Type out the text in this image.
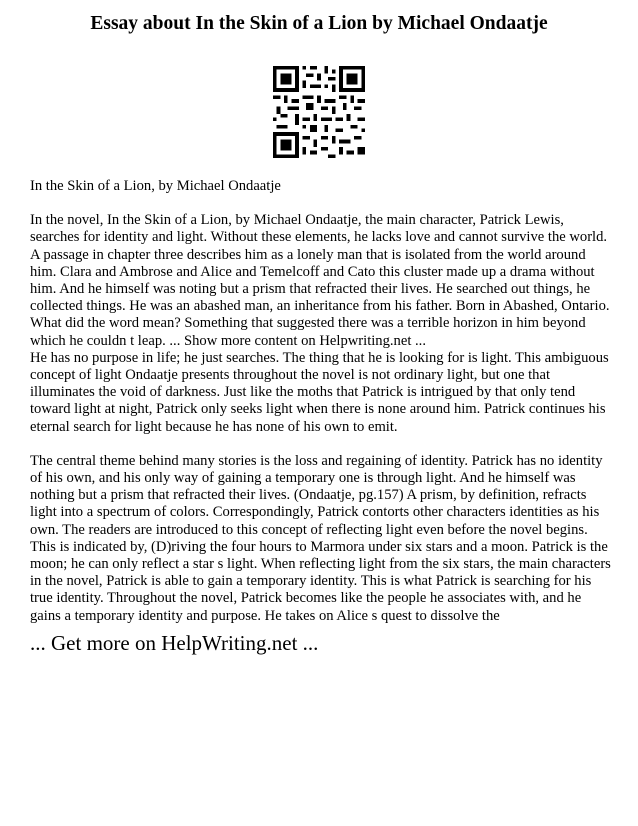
Essay about In the Skin of a Lion by Michael Ondaatje

In the Skin of a Lion, by Michael Ondaatje

In the novel, In the Skin of a Lion, by Michael Ondaatje, the main character, Patrick Lewis, searches for identity and light. Without these elements, he lacks love and cannot survive the world. A passage in chapter three describes him as a lonely man that is isolated from the world around him. Clara and Ambrose and Alice and Temelcoff and Cato this cluster made up a drama without him. And he himself was noting but a prism that refracted their lives. He searched out things, he collected things. He was an abashed man, an inheritance from his father. Born in Abashed, Ontario. What did the word mean? Something that suggested there was a terrible horizon in him beyond which he couldn t leap. ... Show more content on Helpwriting.net ...

He has no purpose in life; he just searches. The thing that he is looking for is light. This ambiguous concept of light Ondaatje presents throughout the novel is not ordinary light, but one that illuminates the void of darkness. Just like the moths that Patrick is intrigued by that only tend toward light at night, Patrick only seeks light when there is none around him. Patrick continues his eternal search for light because he has none of his own to emit.

The central theme behind many stories is the loss and regaining of identity. Patrick has no identity of his own, and his only way of gaining a temporary one is through light. And he himself was nothing but a prism that refracted their lives. (Ondaatje, pg.157) A prism, by definition, refracts light into a spectrum of colors. Correspondingly, Patrick contorts other characters identities as his own. The readers are introduced to this concept of reflecting light even before the novel begins. This is indicated by, (D)riving the four hours to Marmora under six stars and a moon. Patrick is the moon; he can only reflect a star s light. When reflecting light from the six stars, the main characters in the novel, Patrick is able to gain a temporary identity. This is what Patrick is searching for his true identity. Throughout the novel, Patrick becomes like the people he associates with, and he gains a temporary identity and purpose. He takes on Alice s quest to dissolve the

... Get more on HelpWriting.net ...
